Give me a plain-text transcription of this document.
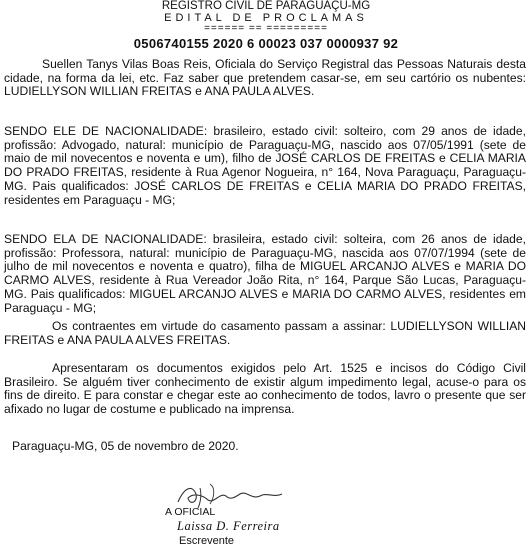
REGISTRO CIVIL DE PARAGUAÇU-MG
EDITAL DE PROCLAMAS
====== == =========
0506740155 2020 6 00023 037 0000937 92
Suellen Tanys Vilas Boas Reis, Oficiala do Serviço Registral das Pessoas Naturais desta cidade, na forma da lei, etc. Faz saber que pretendem casar-se, em seu cartório os nubentes: LUDIELLYSON WILLIAN FREITAS e ANA PAULA ALVES.
SENDO ELE DE NACIONALIDADE: brasileiro, estado civil: solteiro, com 29 anos de idade, profissão: Advogado, natural: município de Paraguaçu-MG, nascido aos 07/05/1991 (sete de maio de mil novecentos e noventa e um), filho de JOSÉ CARLOS DE FREITAS e CELIA MARIA DO PRADO FREITAS, residente à Rua Agenor Nogueira, n° 164, Nova Paraguaçu, Paraguaçu-MG. Pais qualificados: JOSÉ CARLOS DE FREITAS e CELIA MARIA DO PRADO FREITAS, residentes em Paraguaçu - MG;
SENDO ELA DE NACIONALIDADE: brasileira, estado civil: solteira, com 26 anos de idade, profissão: Professora, natural: município de Paraguaçu-MG, nascida aos 07/07/1994 (sete de julho de mil novecentos e noventa e quatro), filha de MIGUEL ARCANJO ALVES e MARIA DO CARMO ALVES, residente à Rua Vereador João Rita, n° 164, Parque São Lucas, Paraguaçu-MG. Pais qualificados: MIGUEL ARCANJO ALVES e MARIA DO CARMO ALVES, residentes em Paraguaçu - MG;
Os contraentes em virtude do casamento passam a assinar: LUDIELLYSON WILLIAN FREITAS e ANA PAULA ALVES FREITAS.
Apresentaram os documentos exigidos pelo Art. 1525 e incisos do Código Civil Brasileiro. Se alguém tiver conhecimento de existir algum impedimento legal, acuse-o para os fins de direito. E para constar e chegar este ao conhecimento de todos, lavro o presente que ser afixado no lugar de costume e publicado na imprensa.
Paraguaçu-MG, 05 de novembro de 2020.
A OFICIAL
Laissa D. Ferreira
Escrevente
